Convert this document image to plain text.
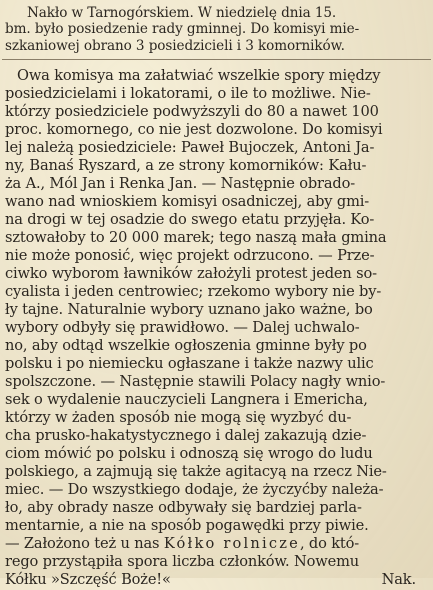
Nakło w Tarnogórskiem. W niedzielę dnia 15.
bm. było posiedzenie rady gminnej. Do komisyi mie-
szkaniowej obrano 3 posiedzicieli i 3 komorników.
Owa komisya ma załatwiać wszelkie spory między
posiedzicielami i lokatorami, o ile to możliwe. Nie-
którzy posiedziciele podwyższyli do 80 a nawet 100
proc. komornego, co nie jest dozwolone. Do komisyi
lej należą posiedziciele: Paweł Bujoczek, Antoni Ja-
ny, Banaś Ryszard, a ze strony komorników: Kału-
ża A., Mól Jan i Renka Jan. — Następnie obrado-
wano nad wnioskiem komisyi osadniczej, aby gmi-
na drogi w tej osadzie do swego etatu przyjęła. Ko-
sztowałoby to 20 000 marek; tego naszą mała gmina
nie może ponosić, więc projekt odrzucono. — Prze-
ciwko wyborom ławników założyli protest jeden so-
cyalista i jeden centrowiec; rzekomo wybory nie by-
ły tajne. Naturalnie wybory uznano jako ważne, bo
wybory odbyły się prawidłowo. — Dalej uchwalo-
no, aby odtąd wszelkie ogłoszenia gminne były po
polsku i po niemiecku ogłaszane i także nazwy ulic
spolszczone. — Następnie stawili Polacy nagły wnio-
sek o wydalenie nauczycieli Langnera i Emericha,
którzy w żaden sposób nie mogą się wyzbyć du-
cha prusko-hakatystycznego i dalej zakazują dzie-
ciom mówić po polsku i odnoszą się wrogo do ludu
polskiego, a zajmują się także agitacyą na rzecz Nie-
miec. — Do wszystkiego dodaje, że życzyćby należa-
ło, aby obrady nasze odbywały się bardziej parla-
mentarnie, a nie na sposób pogawędki przy piwie.
— Założono też u nas Kółko rolnicze, do któ-
rego przystąpiła spora liczba członków. Nowemu
Kółku »Szczęść Boże!«	Nak.
